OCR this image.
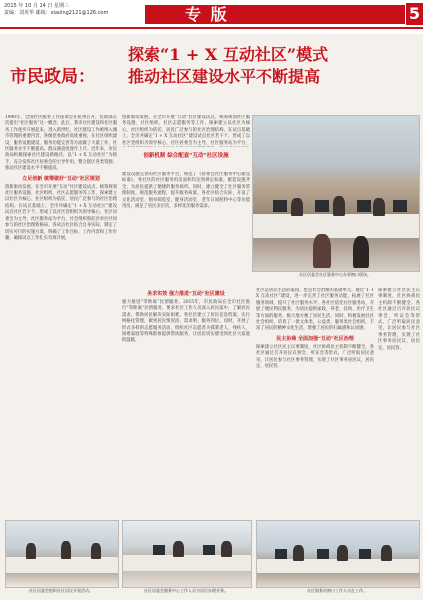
2015 年 10 月 14 日 星期三
责编：刘英华 邮箱：xiaolng2121@126.com	专 版	5
市民政局：
探索“1 + X 互动社区”模式
推动社区建设水平不断提高
1990年，全国社区服务工作座谈会在杭州召开，民政部首次提出“社区服务”这一概念。此后，我市社区建设和社区服务工作逐步开展起来。进入新世纪，社区建设工作被纳入城市管理的重要内容，各级党委政府高度重视，在社区组织建设、服务设施建设、服务功能完善等方面做了大量工作，社区服务水平不断提高，群众满意度逐年上升。近年来，市民政局积极探索社区建设新路径，以“1 + X 互动社区”为抓手，充分发挥社区居委会的主导作用，整合辖区各类资源，推动社区建设水平不断提高。
立足创新 统筹做好“互动”社区规划
创新驱动发展。在全市开展“互动”社区建设试点，统筹规划社区服务设施、社区组织、社区志愿服务等工作，探索建立以社区为核心、社区组织为依托、居民广泛参与的社区治理结构。在试点基础上，全市共确定“1 + X 互动社区”建设试点社区若干个，形成了以社区党组织为领导核心，社区居委会为主导，社区服务站为平台，社会组织和驻区单位共同参与的社区治理新格局。各试点社区结合自身实际，制定了切实可行的实施方案，明确了工作目标、工作内容和工作步骤，确保试点工作扎实有效开展。
创新驱动发展。在全市开展“互动”社区建设试点，统筹规划社区服务设施、社区组织、社区志愿服务等工作，探索建立以社区为核心、社区组织为依托、居民广泛参与的社区治理结构。在试点基础上，全市共确定“1 + X 互动社区”建设试点社区若干个，形成了以社区党组织为领导核心，社区居委会为主导，社区服务站为平台，
创新机制 综合配套“互动”社区设施
建设设施完善的社区服务平台，规范了《居委会社区服务中心建设标准》，各社区的社区服务用房面积均达到规定标准，配套设施齐全，为居民提供了便捷的服务场所。同时，建立健全了社区服务管理制度，规范服务流程，提升服务质量。各社区结合实际，开设了文化活动室、图书阅览室、健身活动室、老年日间照料中心等功能用房，满足了居民多层次、多样化的服务需求。
社区居委会社区服务中心办事窗口现场。
务求实效 强力推进“互动”社区建设
强力推进“零距离”民情服务。2015年，市民政局在全市社区推行“零距离”民情服务，要求社区工作人员深入居民家中，了解居民需求，帮助居民解决实际困难。各社区建立了居民信息档案，实行网格化管理，做到居民情况清、需求明、服务到位。同时，开展了形式多样的志愿服务活动，组织社区志愿者为孤寡老人、残疾人、困难家庭等特殊群体提供帮扶服务，让居民切实感受到社区大家庭的温暖。
社区是居民生活的家园，也是社会治理的基础单元。通过“1 + X 互动社区”建设，进一步完善了社区服务功能，拓展了社区服务领域，提升了社区服务水平。各社区依托社区服务站，开展了便民利民服务，为居民提供家政、养老、托幼、医疗卫生等方面的服务，极大地方便了居民生活。同时，积极发展社区社会组织，培育了一批文体类、公益类、服务类社会组织，丰富了居民的精神文化生活，增强了居民的归属感和认同感。
民主协商 全面加强“互动”社区治理
探索建立社区民主议事制度，社区协商民主机制不断健全。各社区通过召开居民议事会、听证会等形式，广泛听取居民意见，让居民参与社区事务管理，实现了社区事务居民议、居民定、居民管。
探索建立社区民主议事制度，社区协商民主机制不断健全。各社区通过召开居民议事会、听证会等形式，广泛听取居民意见，让居民参与社区事务管理，实现了社区事务居民议、居民定、居民管。
社区居委会组织社区居民开展活动。	社区居委会服务中心工作人员为居民办理业务。	社区服务站窗口工作人员在工作。
